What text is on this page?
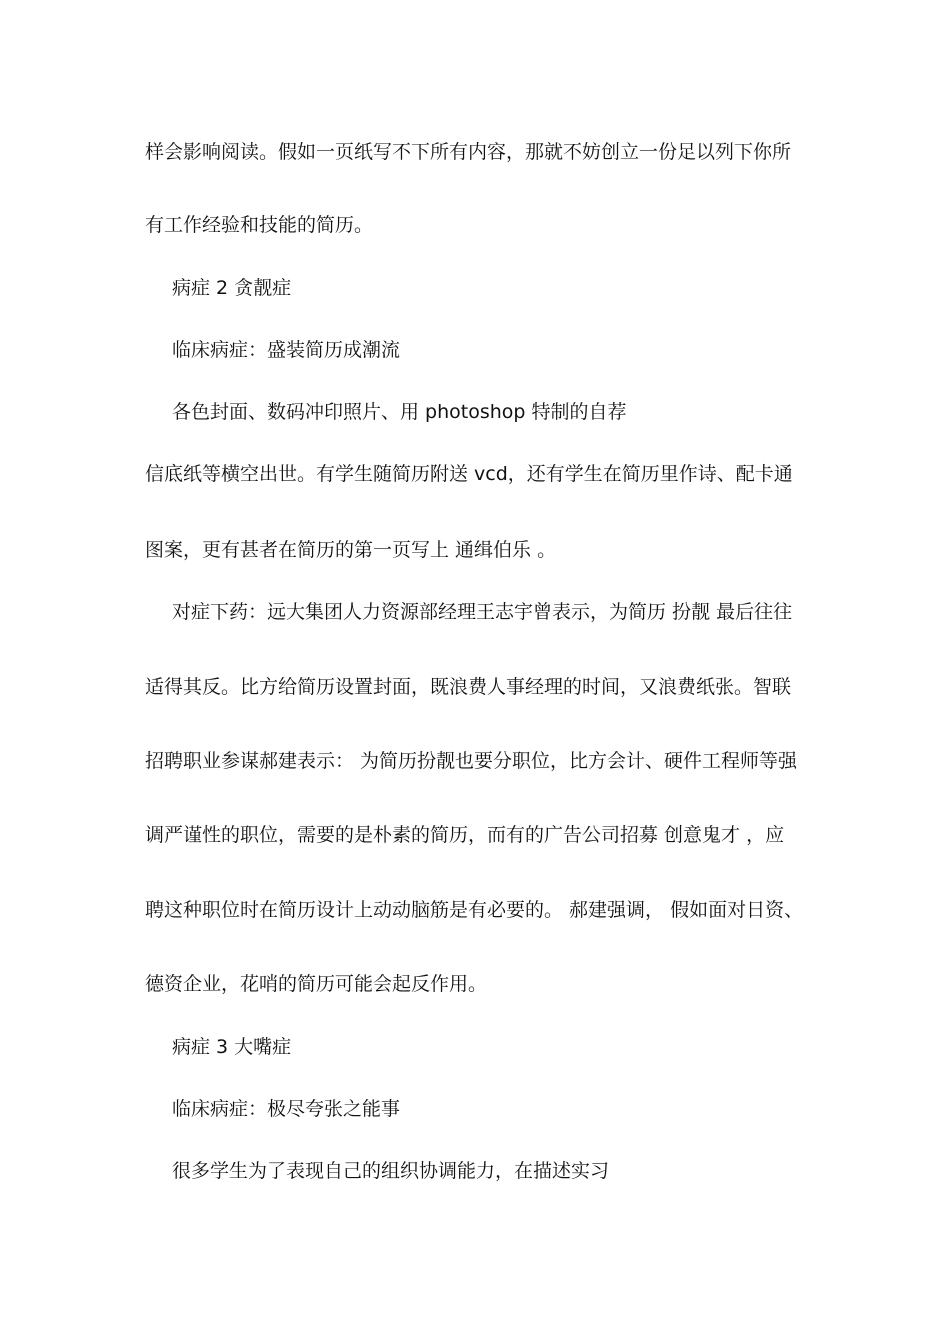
样会影响阅读。假如一页纸写不下所有内容，那就不妨创立一份足以列下你所
有工作经验和技能的简历。
病症 2 贪靓症
临床病症：盛装简历成潮流
各色封面、数码冲印照片、用 photoshop 特制的自荐
信底纸等横空出世。有学生随简历附送 vcd，还有学生在简历里作诗、配卡通
图案，更有甚者在简历的第一页写上 通缉伯乐 。
对症下药：远大集团人力资源部经理王志宇曾表示，为简历 扮靓 最后往往
适得其反。比方给简历设置封面，既浪费人事经理的时间，又浪费纸张。智联
招聘职业参谋郝建表示： 为简历扮靓也要分职位，比方会计、硬件工程师等强
调严谨性的职位，需要的是朴素的简历，而有的广告公司招募 创意鬼才 ，应
聘这种职位时在简历设计上动动脑筋是有必要的。 郝建强调， 假如面对日资、
德资企业，花哨的简历可能会起反作用。
病症 3 大嘴症
临床病症：极尽夸张之能事
很多学生为了表现自己的组织协调能力，在描述实习
